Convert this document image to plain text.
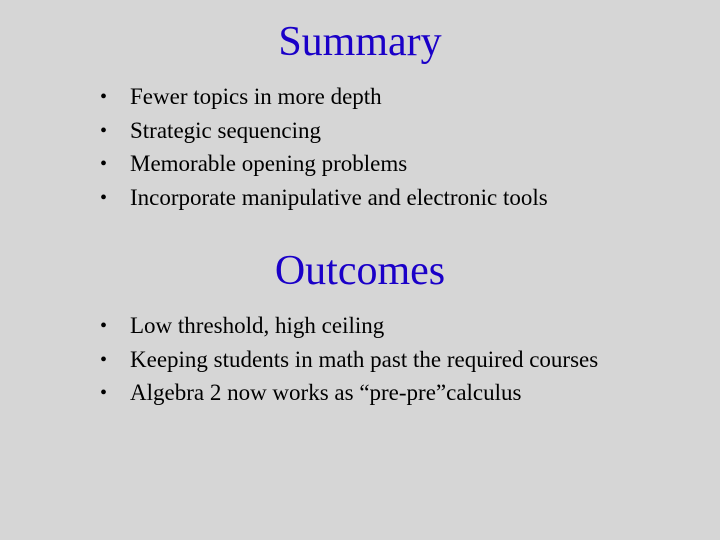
Summary
• Fewer topics in more depth
• Strategic sequencing
• Memorable opening problems
• Incorporate manipulative and electronic tools
Outcomes
• Low threshold, high ceiling
• Keeping students in math past the required courses
• Algebra 2 now works as “pre-pre”calculus
